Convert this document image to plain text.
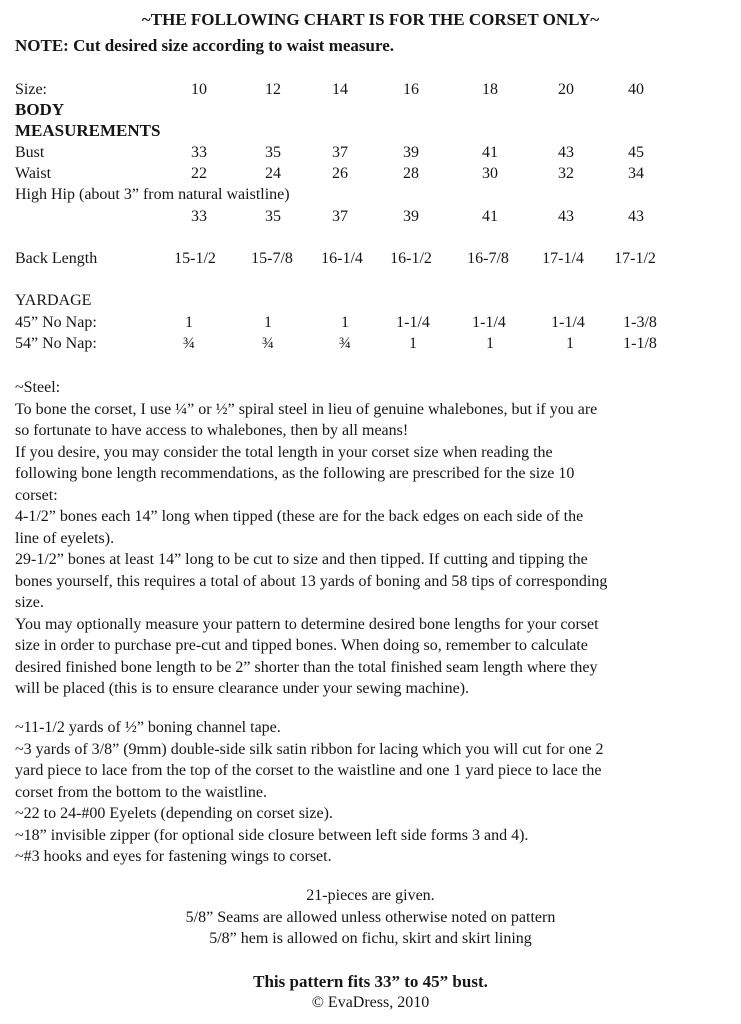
~THE FOLLOWING CHART IS FOR THE CORSET ONLY~
NOTE: Cut desired size according to waist measure.
Size:	10	12	14	16	18	20	40
BODY
MEASUREMENTS
Bust	33	35	37	39	41	43	45
Waist	22	24	26	28	30	32	34
High Hip (about 3” from natural waistline)
33	35	37	39	41	43	43
Back Length	15-1/2 15-7/8 16-1/4 16-1/2 16-7/8 17-1/4 17-1/2
YARDAGE
45” No Nap:	1	1	1	1-1/4	1-1/4	1-1/4 1-3/8
54” No Nap:	¾	¾	¾	1	1	1	1-1/8
~Steel:
To bone the corset, I use ¼” or ½” spiral steel in lieu of genuine whalebones, but if you are
so fortunate to have access to whalebones, then by all means!
If you desire, you may consider the total length in your corset size when reading the
following bone length recommendations, as the following are prescribed for the size 10
corset:
4-1/2” bones each 14” long when tipped (these are for the back edges on each side of the
line of eyelets).
29-1/2” bones at least 14” long to be cut to size and then tipped. If cutting and tipping the
bones yourself, this requires a total of about 13 yards of boning and 58 tips of corresponding
size.
You may optionally measure your pattern to determine desired bone lengths for your corset
size in order to purchase pre-cut and tipped bones. When doing so, remember to calculate
desired finished bone length to be 2” shorter than the total finished seam length where they
will be placed (this is to ensure clearance under your sewing machine).
~11-1/2 yards of ½” boning channel tape.
~3 yards of 3/8” (9mm) double-side silk satin ribbon for lacing which you will cut for one 2
yard piece to lace from the top of the corset to the waistline and one 1 yard piece to lace the
corset from the bottom to the waistline.
~22 to 24-#00 Eyelets (depending on corset size).
~18” invisible zipper (for optional side closure between left side forms 3 and 4).
~#3 hooks and eyes for fastening wings to corset.
21-pieces are given.
5/8” Seams are allowed unless otherwise noted on pattern
5/8” hem is allowed on fichu, skirt and skirt lining
This pattern fits 33” to 45” bust.
© EvaDress, 2010
